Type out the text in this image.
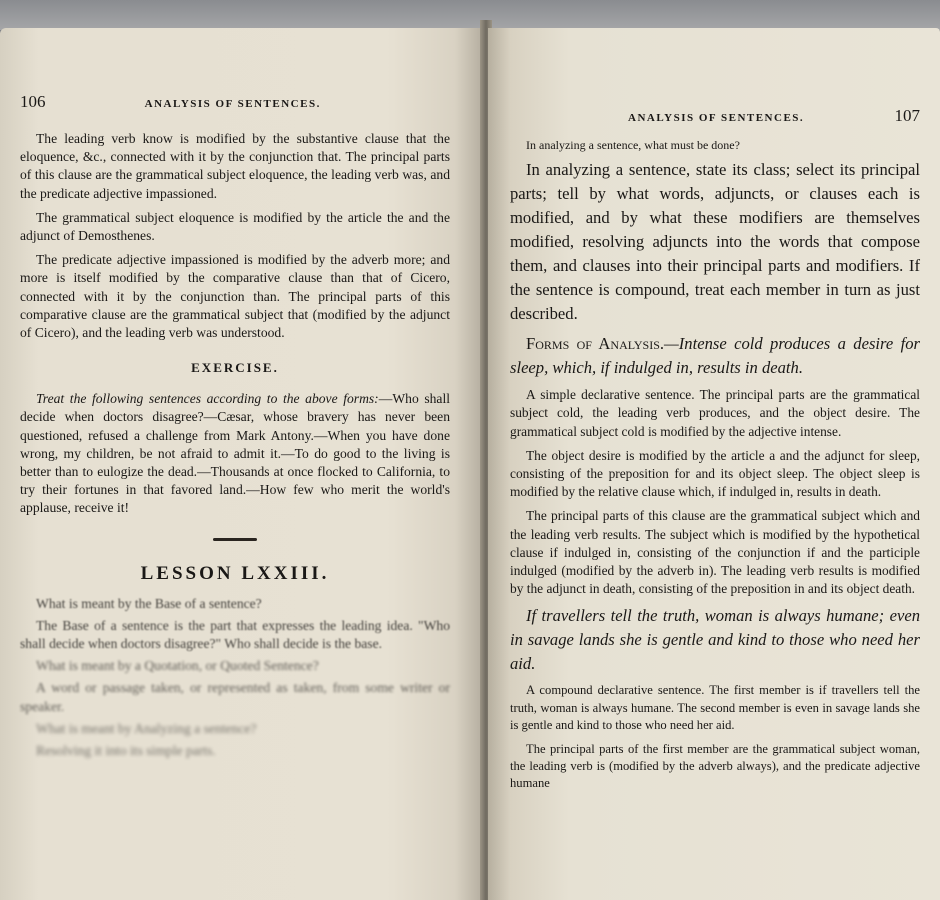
106	ANALYSIS OF SENTENCES.

The leading verb know is modified by the substantive clause that the eloquence, &c., connected with it by the conjunction that. The principal parts of this clause are the grammatical subject eloquence, the leading verb was, and the predicate adjective impassioned.

The grammatical subject eloquence is modified by the article the and the adjunct of Demosthenes.

The predicate adjective impassioned is modified by the adverb more; and more is itself modified by the comparative clause than that of Cicero, connected with it by the conjunction than. The principal parts of this comparative clause are the grammatical subject that (modified by the adjunct of Cicero), and the leading verb was understood.

EXERCISE.

Treat the following sentences according to the above forms:—Who shall decide when doctors disagree?—Cæsar, whose bravery has never been questioned, refused a challenge from Mark Antony.—When you have done wrong, my children, be not afraid to admit it.—To do good to the living is better than to eulogize the dead.—Thousands at once flocked to California, to try their fortunes in that favored land.—How few who merit the world's applause, receive it!

LESSON LXXIII.

What is meant by the Base of a sentence?

The Base of a sentence is the part that expresses the leading idea. "Who shall decide when doctors disagree?" Who shall decide is the base.

What is meant by a Quotation, or Quoted Sentence?

A word or passage taken, or represented as taken, from some writer or speaker.

What is meant by Analyzing a sentence?

Resolving it into its simple parts.

ANALYSIS OF SENTENCES.	107

In analyzing a sentence, what must be done?

In analyzing a sentence, state its class; select its principal parts; tell by what words, adjuncts, or clauses each is modified, and by what these modifiers are themselves modified, resolving adjuncts into the words that compose them, and clauses into their principal parts and modifiers. If the sentence is compound, treat each member in turn as just described.

Forms of Analysis.—Intense cold produces a desire for sleep, which, if indulged in, results in death.

A simple declarative sentence. The principal parts are the grammatical subject cold, the leading verb produces, and the object desire. The grammatical subject cold is modified by the adjective intense.

The object desire is modified by the article a and the adjunct for sleep, consisting of the preposition for and its object sleep. The object sleep is modified by the relative clause which, if indulged in, results in death.

The principal parts of this clause are the grammatical subject which and the leading verb results. The subject which is modified by the hypothetical clause if indulged in, consisting of the conjunction if and the participle indulged (modified by the adverb in). The leading verb results is modified by the adjunct in death, consisting of the preposition in and its object death.

If travellers tell the truth, woman is always humane; even in savage lands she is gentle and kind to those who need her aid.

A compound declarative sentence. The first member is if travellers tell the truth, woman is always humane. The second member is even in savage lands she is gentle and kind to those who need her aid.

The principal parts of the first member are the grammatical subject woman, the leading verb is (modified by the adverb always), and the predicate adjective humane
